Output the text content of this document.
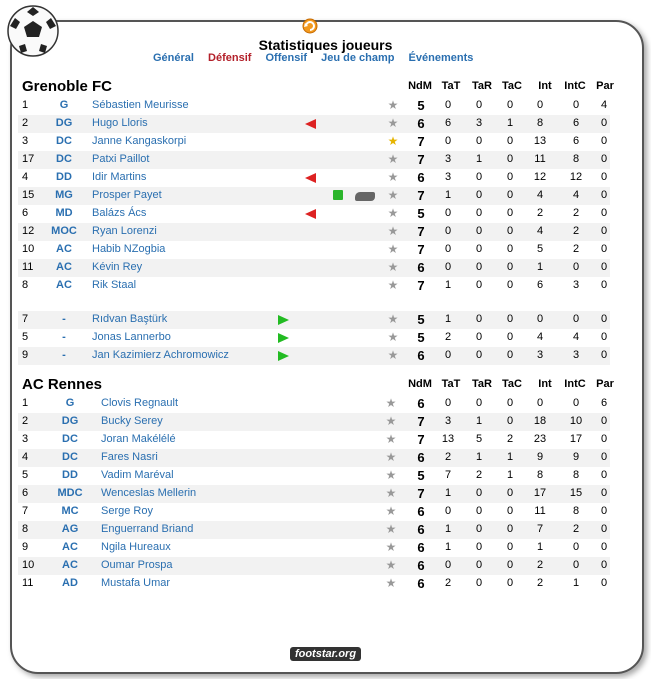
Statistiques joueurs
Général Défensif Offensif Jeu de champ Événements
Grenoble FC	NdM TaT	TaR TaC	Int	IntC Par
1	G	Sébastien Meurisse	★ 5	0	0	0	0	0	4
2	DG	Hugo Lloris	★ 6	6	3	1	8	6	0
3	DC	Janne Kangaskorpi	★ 7	0	0	0	13	6	0
17	DC	Patxi Paillot	★ 7	3	1	0	11	8	0
4	DD	Idir Martins	★ 6	3	0	0	12	12	0
15	MG	Prosper Payet	★ 7	1	0	0	4	4	0
6	MD	Balázs Ács	★ 5	0	0	0	2	2	0
12	MOC	Ryan Lorenzi	★ 7	0	0	0	4	2	0
10	AC	Habib NZogbia	★ 7	0	0	0	5	2	0
11	AC	Kévin Rey	★ 6	0	0	0	1	0	0
8	AC	Rik Staal	★ 7	1	0	0	6	3	0
7	-	Rıdvan Baştürk	★ 5	1	0	0	0	0	0
5	-	Jonas Lannerbo	★ 5	2	0	0	4	4	0
9	-	Jan Kazimierz Achromowicz	★ 6	0	0	0	3	3	0
AC Rennes	NdM TaT	TaR TaC	Int	IntC Par
1	G	Clovis Regnault	★ 6	0	0	0	0	0	6
2	DG	Bucky Serey	★ 7	3	1	0	18	10	0
3	DC	Joran Makélélé	★ 7	13	5	2	23	17	0
4	DC	Fares Nasri	★ 6	2	1	1	9	9	0
5	DD	Vadim Maréval	★ 5	7	2	1	8	8	0
6	MDC	Wenceslas Mellerin	★ 7	1	0	0	17	15	0
7	MC	Serge Roy	★ 6	0	0	0	11	8	0
8	AG	Enguerrand Briand	★ 6	1	0	0	7	2	0
9	AC	Ngila Hureaux	★ 6	1	0	0	1	0	0
10	AC	Oumar Prospa	★ 6	0	0	0	2	0	0
11	AD	Mustafa Umar	★ 6	2	0	0	2	1	0
footstar.org
